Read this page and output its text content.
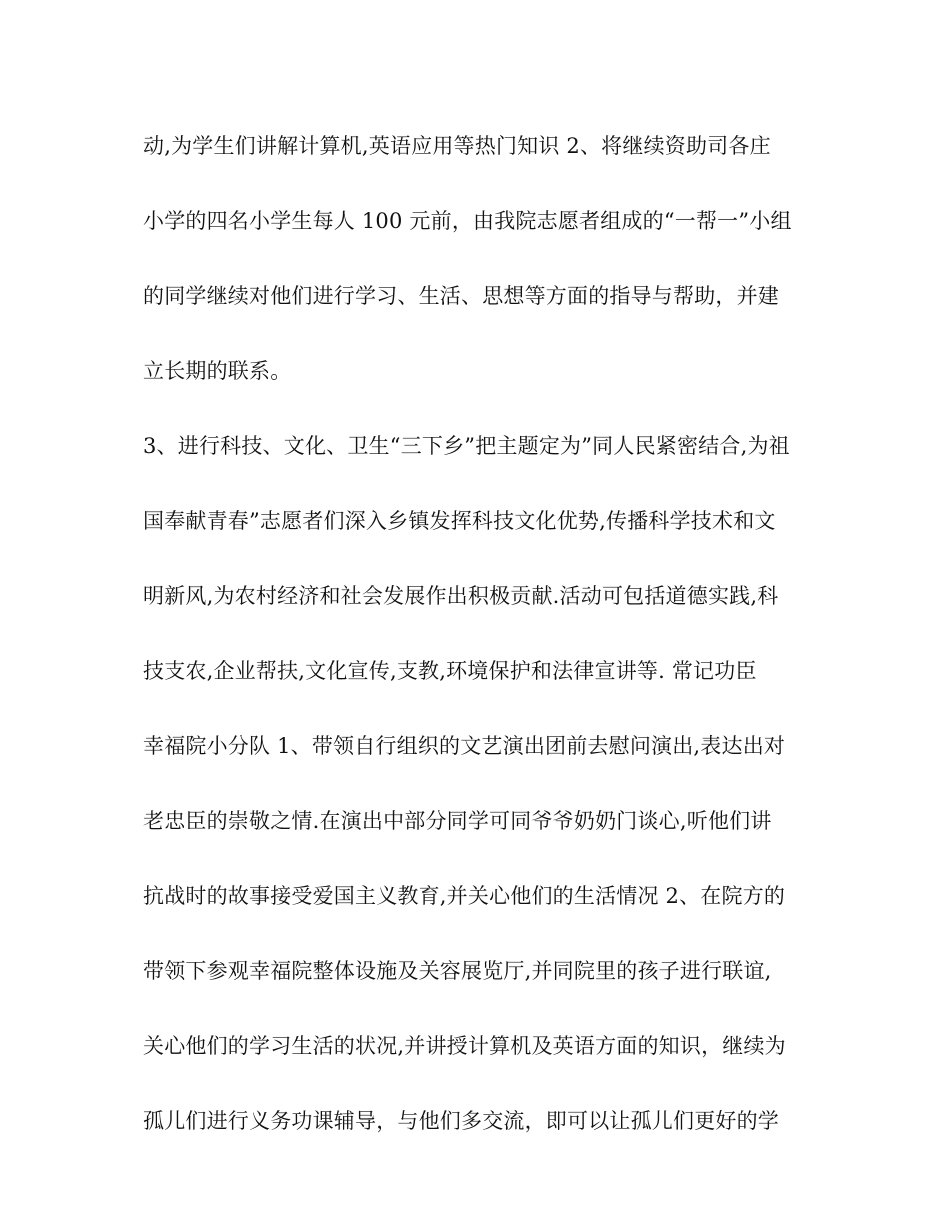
动,为学生们讲解计算机,英语应用等热门知识 2、将继续资助司各庄
小学的四名小学生每人 100 元前，由我院志愿者组成的“一帮一”小组
的同学继续对他们进行学习、生活、思想等方面的指导与帮助，并建
立长期的联系。
3、进行科技、文化、卫生“三下乡”把主题定为”同人民紧密结合,为祖
国奉献青春”志愿者们深入乡镇发挥科技文化优势,传播科学技术和文
明新风,为农村经济和社会发展作出积极贡献.活动可包括道德实践,科
技支农,企业帮扶,文化宣传,支教,环境保护和法律宣讲等. 常记功臣
幸福院小分队 1、带领自行组织的文艺演出团前去慰问演出,表达出对
老忠臣的崇敬之情.在演出中部分同学可同爷爷奶奶门谈心,听他们讲
抗战时的故事接受爱国主义教育,并关心他们的生活情况 2、在院方的
带领下参观幸福院整体设施及关容展览厅,并同院里的孩子进行联谊,
关心他们的学习生活的状况,并讲授计算机及英语方面的知识，继续为
孤儿们进行义务功课辅导，与他们多交流，即可以让孤儿们更好的学
